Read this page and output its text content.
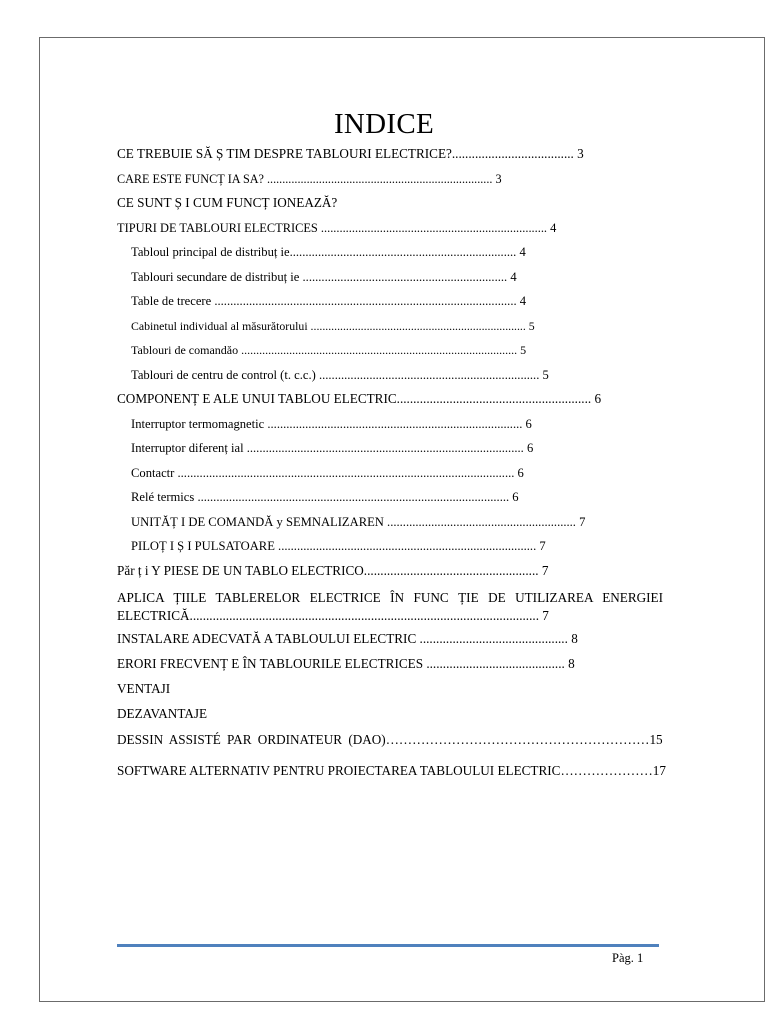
INDICE
CE TREBUIE SĂ Ș TIM DESPRE TABLOURI ELECTRICE?..................................... 3
CARE ESTE FUNCȚ IA SA? .......................................................................... 3
CE SUNT Ș I CUM FUNCȚ IONEAZĂ?
TIPURI DE TABLOURI ELECTRICES ......................................................................... 4
Tabloul principal de distribuț ie........................................................................ 4
Tablouri secundare de distribuț ie ................................................................. 4
Table de trecere ................................................................................................ 4
Cabinetul individual al măsurătorului ......................................................................... 5
Tablouri de comandăo ............................................................................................ 5
Tablouri de centru de control (t. c.c.) ...................................................................... 5
COMPONENȚ E ALE UNUI TABLOU ELECTRIC........................................................... 6
Interruptor termomagnetic ................................................................................. 6
Interruptor diferenț ial ........................................................................................ 6
Contactr ........................................................................................................... 6
Relé termics ................................................................................................... 6
UNITĂȚ I DE COMANDĂ y SEMNALIZAREN ............................................................ 7
PILOȚ I Ș I PULSATOARE .................................................................................. 7
Păr ț i Y PIESE DE UN TABLO ELECTRICO..................................................... 7
APLICA ȚIILE TABLERELOR ELECTRICE ÎN FUNC ȚIE DE UTILIZAREA ENERGIEI ELECTRICĂ.......................................................................................................... 7
INSTALARE ADECVATĂ A TABLOULUI ELECTRIC ............................................. 8
ERORI FRECVENȚ E ÎN TABLOURILE ELECTRICES .......................................... 8
VENTAJI
DEZAVANTAJE
DESSIN ASSISTÉ PAR ORDINATEUR (DAO)……………………………………………………15
SOFTWARE ALTERNATIV PENTRU PROIECTAREA TABLOULUI ELECTRIC…………………17
Pàg. 1
